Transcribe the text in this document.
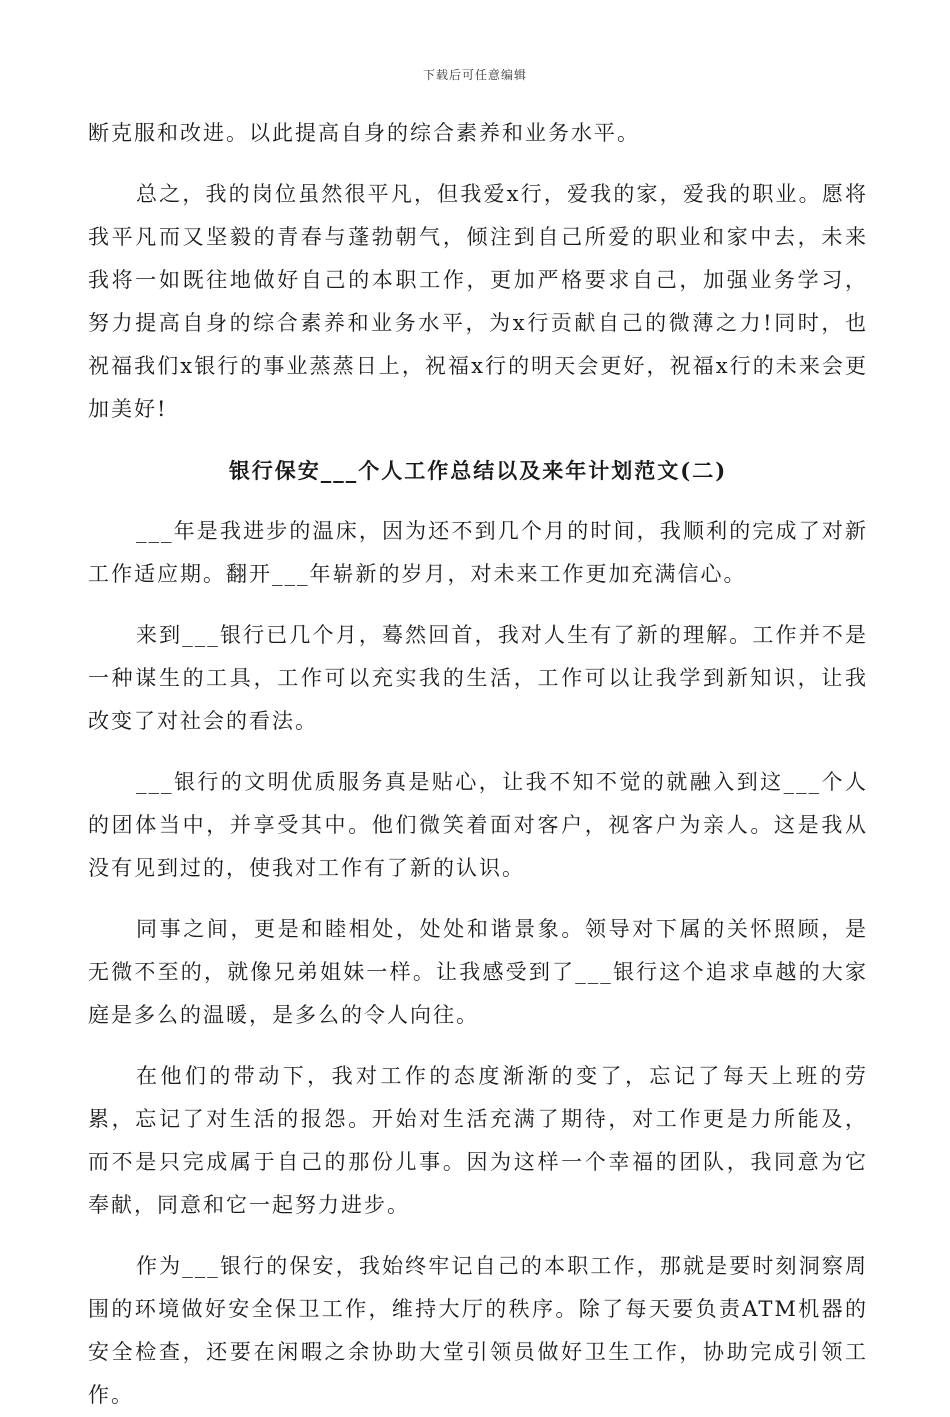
下载后可任意编辑

断克服和改进。以此提高自身的综合素养和业务水平。

总之，我的岗位虽然很平凡，但我爱x行，爱我的家，爱我的职业。愿将我平凡而又坚毅的青春与蓬勃朝气，倾注到自己所爱的职业和家中去，未来我将一如既往地做好自己的本职工作，更加严格要求自己，加强业务学习，努力提高自身的综合素养和业务水平，为x行贡献自己的微薄之力!同时，也祝福我们x银行的事业蒸蒸日上，祝福x行的明天会更好，祝福x行的未来会更加美好!

银行保安___个人工作总结以及来年计划范文(二)

___年是我进步的温床，因为还不到几个月的时间，我顺利的完成了对新工作适应期。翻开___年崭新的岁月，对未来工作更加充满信心。

来到___银行已几个月，蓦然回首，我对人生有了新的理解。工作并不是一种谋生的工具，工作可以充实我的生活，工作可以让我学到新知识，让我改变了对社会的看法。

___银行的文明优质服务真是贴心，让我不知不觉的就融入到这___个人的团体当中，并享受其中。他们微笑着面对客户，视客户为亲人。这是我从没有见到过的，使我对工作有了新的认识。

同事之间，更是和睦相处，处处和谐景象。领导对下属的关怀照顾，是无微不至的，就像兄弟姐妹一样。让我感受到了___银行这个追求卓越的大家庭是多么的温暖，是多么的令人向往。

在他们的带动下，我对工作的态度渐渐的变了，忘记了每天上班的劳累，忘记了对生活的报怨。开始对生活充满了期待，对工作更是力所能及，而不是只完成属于自己的那份儿事。因为这样一个幸福的团队，我同意为它奉献，同意和它一起努力进步。

作为___银行的保安，我始终牢记自己的本职工作，那就是要时刻洞察周围的环境做好安全保卫工作，维持大厅的秩序。除了每天要负责ATM机器的安全检查，还要在闲暇之余协助大堂引领员做好卫生工作，协助完成引领工作。
